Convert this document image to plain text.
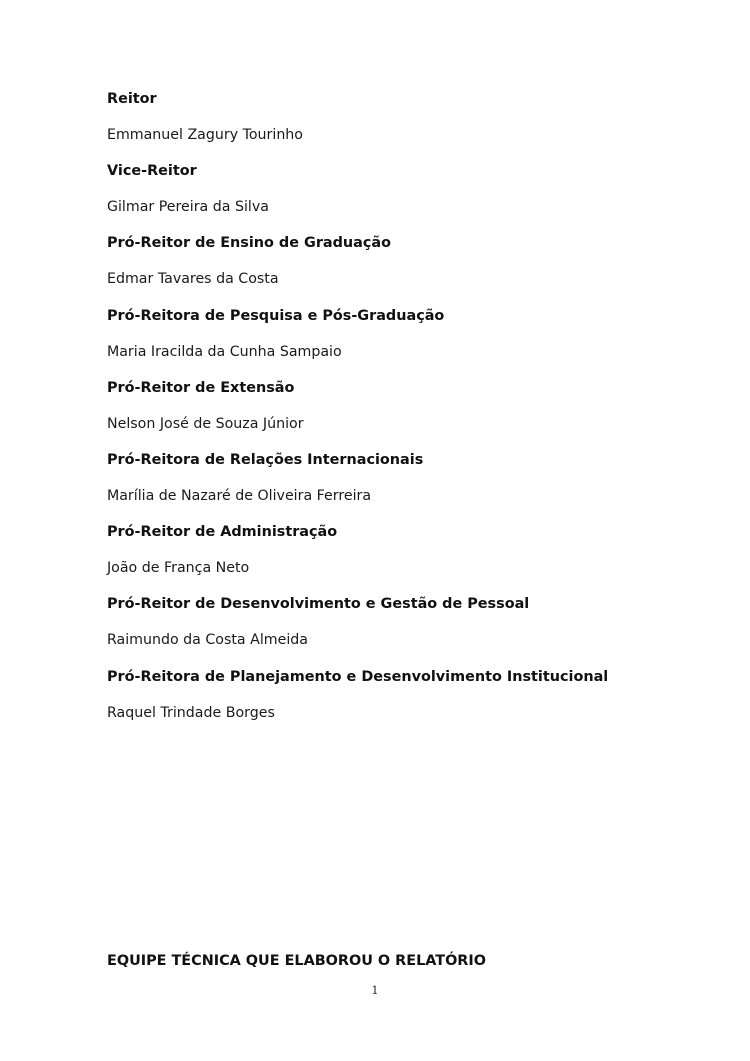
Reitor
Emmanuel Zagury Tourinho
Vice-Reitor
Gilmar Pereira da Silva
Pró-Reitor de Ensino de Graduação
Edmar Tavares da Costa
Pró-Reitora de Pesquisa e Pós-Graduação
Maria Iracilda da Cunha Sampaio
Pró-Reitor de Extensão
Nelson José de Souza Júnior
Pró-Reitora de Relações Internacionais
Marília de Nazaré de Oliveira Ferreira
Pró-Reitor de Administração
João de França Neto
Pró-Reitor de Desenvolvimento e Gestão de Pessoal
Raimundo da Costa Almeida
Pró-Reitora de Planejamento e Desenvolvimento Institucional
Raquel Trindade Borges
EQUIPE TÉCNICA QUE ELABOROU O RELATÓRIO
1
